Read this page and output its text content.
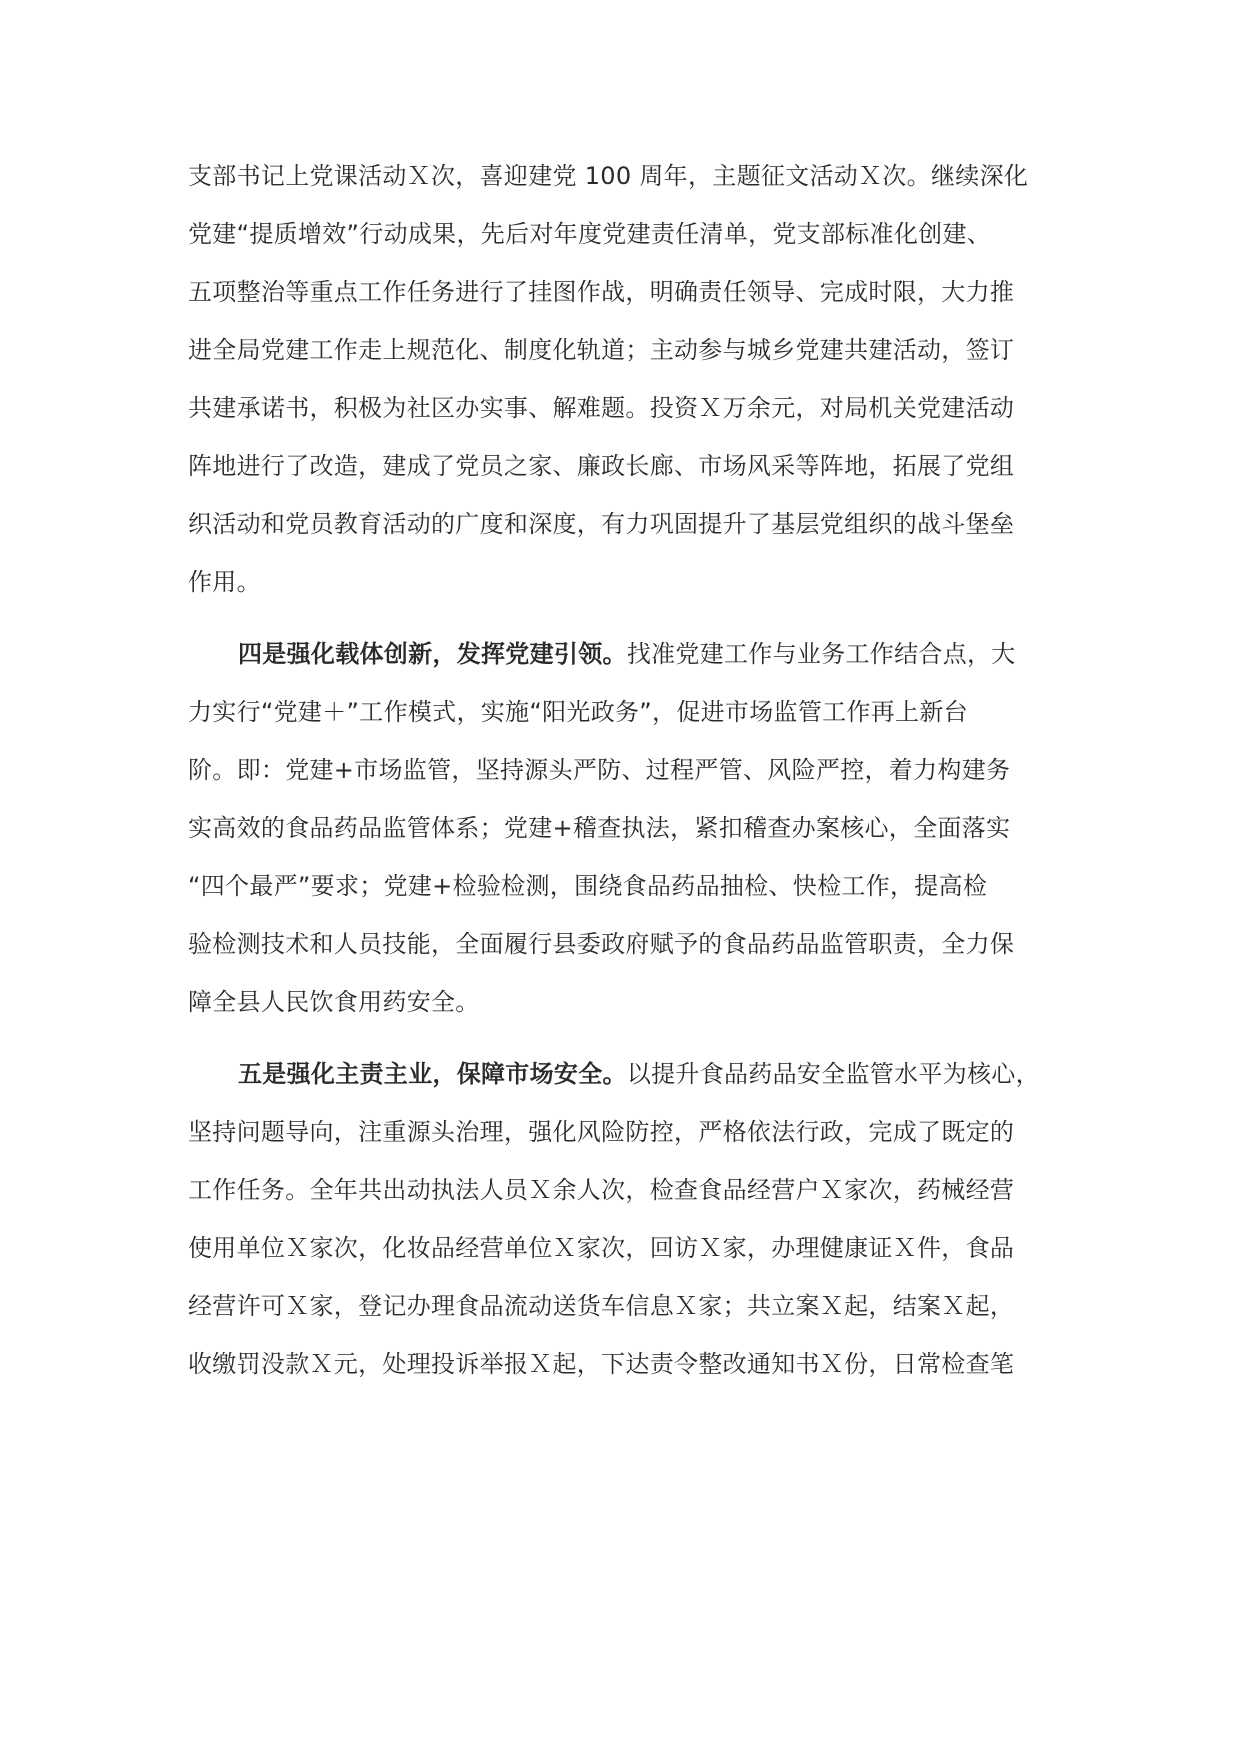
支部书记上党课活动Ｘ次，喜迎建党 100 周年，主题征文活动Ｘ次。继续深化
党建“提质增效”行动成果，先后对年度党建责任清单，党支部标准化创建、
五项整治等重点工作任务进行了挂图作战，明确责任领导、完成时限，大力推
进全局党建工作走上规范化、制度化轨道；主动参与城乡党建共建活动，签订
共建承诺书，积极为社区办实事、解难题。投资Ｘ万余元，对局机关党建活动
阵地进行了改造，建成了党员之家、廉政长廊、市场风采等阵地，拓展了党组
织活动和党员教育活动的广度和深度，有力巩固提升了基层党组织的战斗堡垒
作用。
四是强化载体创新，发挥党建引领。找准党建工作与业务工作结合点，大
力实行“党建＋”工作模式，实施“阳光政务”，促进市场监管工作再上新台
阶。即：党建+市场监管，坚持源头严防、过程严管、风险严控，着力构建务
实高效的食品药品监管体系；党建+稽查执法，紧扣稽查办案核心，全面落实
“四个最严”要求；党建+检验检测，围绕食品药品抽检、快检工作，提高检
验检测技术和人员技能，全面履行县委政府赋予的食品药品监管职责，全力保
障全县人民饮食用药安全。
五是强化主责主业，保障市场安全。以提升食品药品安全监管水平为核心，
坚持问题导向，注重源头治理，强化风险防控，严格依法行政，完成了既定的
工作任务。全年共出动执法人员Ｘ余人次，检查食品经营户Ｘ家次，药械经营
使用单位Ｘ家次，化妆品经营单位Ｘ家次，回访Ｘ家，办理健康证Ｘ件，食品
经营许可Ｘ家，登记办理食品流动送货车信息Ｘ家；共立案Ｘ起，结案Ｘ起，
收缴罚没款Ｘ元，处理投诉举报Ｘ起，下达责令整改通知书Ｘ份，日常检查笔
